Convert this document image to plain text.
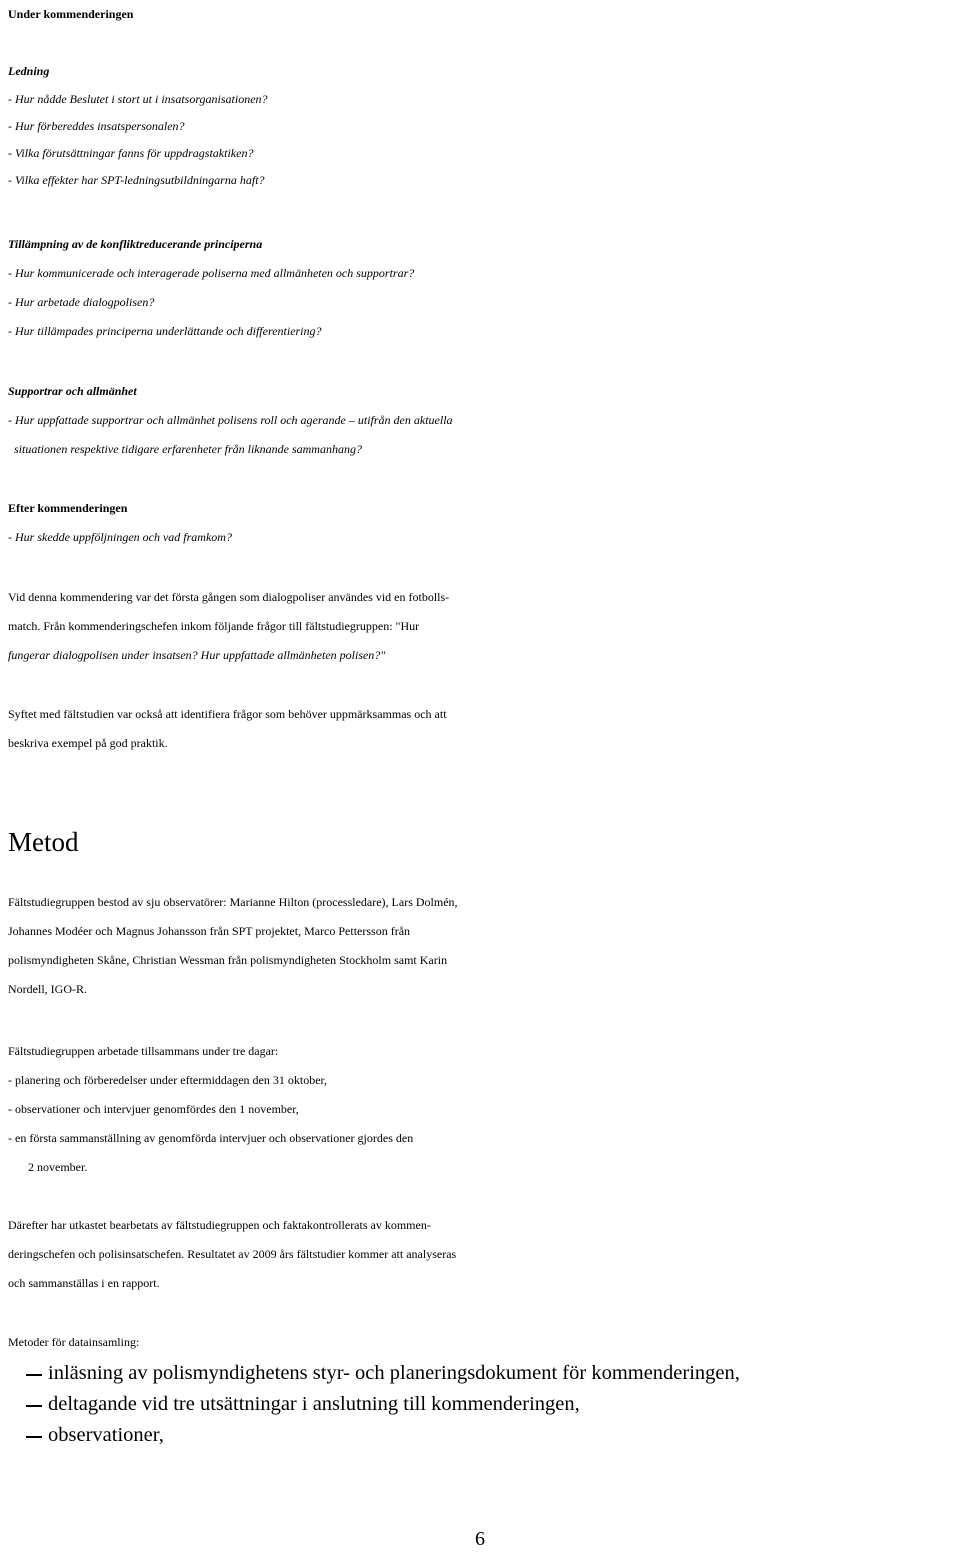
Under kommenderingen
Ledning
- Hur nådde Beslutet i stort ut i insatsorganisationen?
- Hur förbereddes insatspersonalen?
- Vilka förutsättningar fanns för uppdragstaktiken?
- Vilka effekter har SPT-ledningsutbildningarna haft?
Tillämpning av de konfliktreducerande principerna
- Hur kommunicerade och interagerade poliserna med allmänheten och supportrar?
- Hur arbetade dialogpolisen?
- Hur tillämpades principerna underlättande och differentiering?
Supportrar och allmänhet
- Hur uppfattade supportrar och allmänhet polisens roll och agerande – utifrån den aktuella
situationen respektive tidigare erfarenheter från liknande sammanhang?
Efter kommenderingen
- Hur skedde uppföljningen och vad framkom?
Vid denna kommendering var det första gången som dialogpoliser användes vid en fotbolls-
match. Från kommenderingschefen inkom följande frågor till fältstudiegruppen: "Hur
fungerar dialogpolisen under insatsen? Hur uppfattade allmänheten polisen?"
Syftet med fältstudien var också att identifiera frågor som behöver uppmärksammas och att
beskriva exempel på god praktik.
Metod
Fältstudiegruppen bestod av sju observatörer: Marianne Hilton (processledare), Lars Dolmén,
Johannes Modéer och Magnus Johansson från SPT projektet, Marco Pettersson från
polismyndigheten Skåne, Christian Wessman från polismyndigheten Stockholm samt Karin
Nordell, IGO-R.
Fältstudiegruppen arbetade tillsammans under tre dagar:
- planering och förberedelser under eftermiddagen den 31 oktober,
- observationer och intervjuer genomfördes den 1 november,
- en första sammanställning av genomförda intervjuer och observationer gjordes den
2 november.
Därefter har utkastet bearbetats av fältstudiegruppen och faktakontrollerats av kommen-
deringschefen och polisinsatschefen. Resultatet av 2009 års fältstudier kommer att analyseras
och sammanställas i en rapport.
Metoder för datainsamling:
inläsning av polismyndighetens styr- och planeringsdokument för kommenderingen,
deltagande vid tre utsättningar i anslutning till kommenderingen,
observationer,
6
